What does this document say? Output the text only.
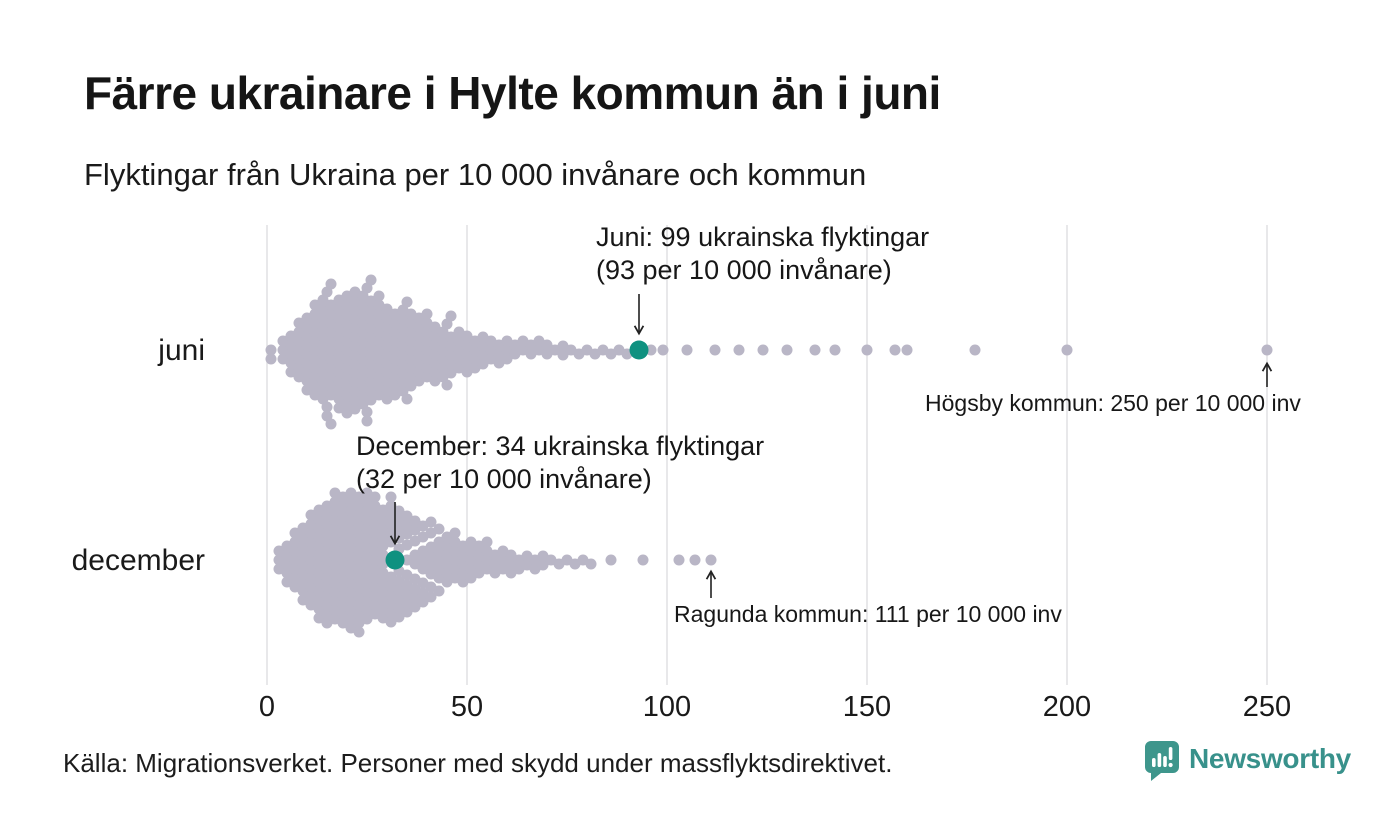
Färre ukrainare i Hylte kommun än i juni
Flyktingar från Ukraina per 10 000 invånare och kommun
juni
december
Juni: 99 ukrainska flyktingar
(93 per 10 000 invånare)
December: 34 ukrainska flyktingar
(32 per 10 000 invånare)
Högsby kommun: 250 per 10 000 inv
Ragunda kommun: 111 per 10 000 inv
0	50	100	150	200	250
Källa: Migrationsverket. Personer med skydd under massflyktsdirektivet.	Newsworthy
